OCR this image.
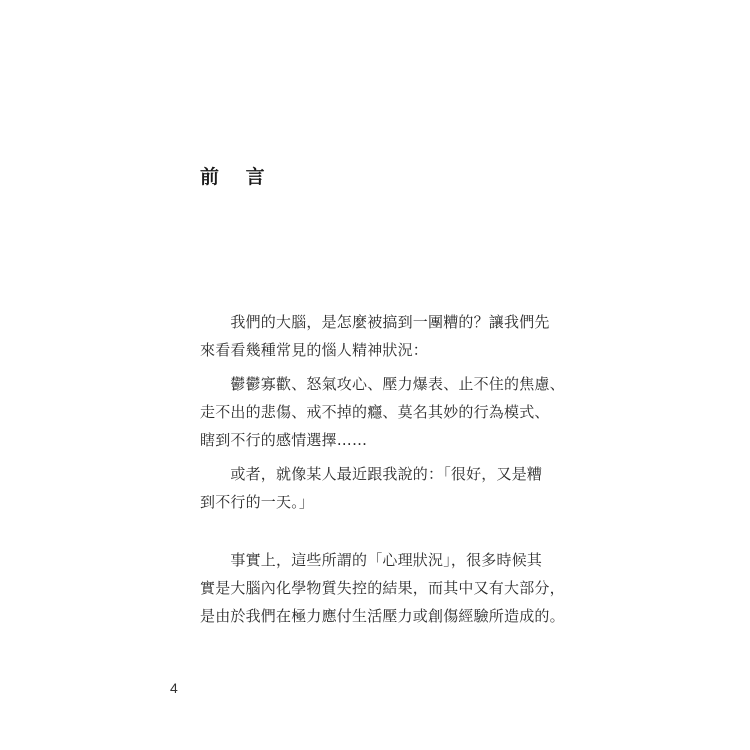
前 言

　　我們的大腦，是怎麼被搞到一團糟的？讓我們先
來看看幾種常見的惱人精神狀況：

　　鬱鬱寡歡、怒氣攻心、壓力爆表、止不住的焦慮、
走不出的悲傷、戒不掉的癮、莫名其妙的行為模式、
瞎到不行的感情選擇……

　　或者，就像某人最近跟我說的：「很好，又是糟
到不行的一天。」

　　事實上，這些所謂的「心理狀況」，很多時候其
實是大腦內化學物質失控的結果，而其中又有大部分，
是由於我們在極力應付生活壓力或創傷經驗所造成的。

4
